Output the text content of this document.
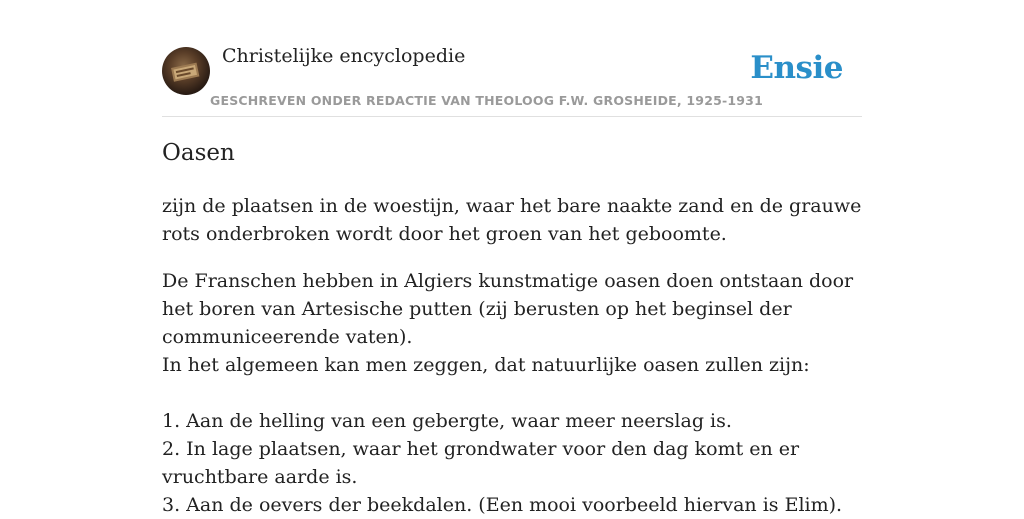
Christelijke encyclopedie
GESCHREVEN ONDER REDACTIE VAN THEOLOOG F.W. GROSHEIDE, 1925-1931
Ensie
Oasen
zijn de plaatsen in de woestijn, waar het bare naakte zand en de grauwe rots onderbroken wordt door het groen van het geboomte.
De Franschen hebben in Algiers kunstmatige oasen doen ontstaan door het boren van Artesische putten (zij berusten op het beginsel der communiceerende vaten).
In het algemeen kan men zeggen, dat natuurlijke oasen zullen zijn:
1. Aan de helling van een gebergte, waar meer neerslag is.
2. In lage plaatsen, waar het grondwater voor den dag komt en er vruchtbare aarde is.
3. Aan de oevers der beekdalen. (Een mooi voorbeeld hiervan is Elim).
